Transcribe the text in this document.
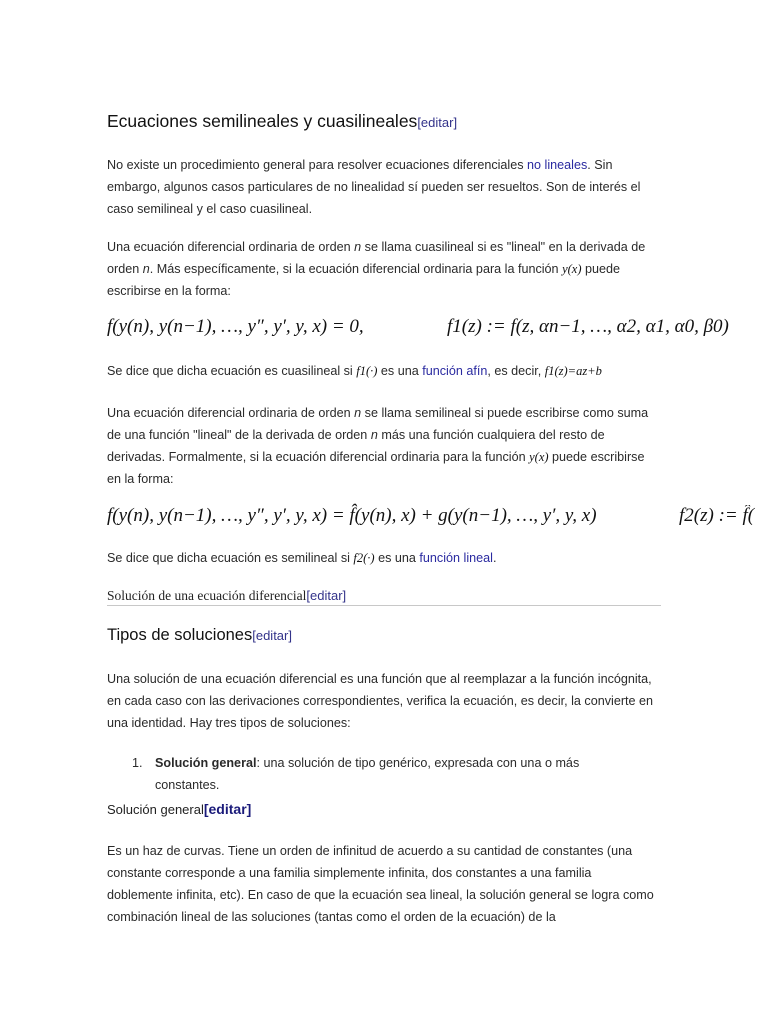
Ecuaciones semilineales y cuasilineales[editar]

No existe un procedimiento general para resolver ecuaciones diferenciales no lineales. Sin embargo, algunos casos particulares de no linealidad sí pueden ser resueltos. Son de interés el caso semilineal y el caso cuasilineal.

Una ecuación diferencial ordinaria de orden n se llama cuasilineal si es "lineal" en la derivada de orden n. Más específicamente, si la ecuación diferencial ordinaria para la función y(x) puede escribirse en la forma:

f(y(n), y(n−1), …, y″, y′, y, x) = 0,	f1(z) := f(z, αn−1, …, α2, α1, α0, β0)
Se dice que dicha ecuación es cuasilineal si f1(·) es una función afín, es decir, f1(z)=az+b

Una ecuación diferencial ordinaria de orden n se llama semilineal si puede escribirse como suma de una función "lineal" de la derivada de orden n más una función cualquiera del resto de derivadas. Formalmente, si la ecuación diferencial ordinaria para la función y(x) puede escribirse en la forma:

f(y(n), y(n−1), …, y″, y′, y, x) = f̂(y(n), x) + g(y(n−1), …, y′, y, x)	f2(z) := f̂(
Se dice que dicha ecuación es semilineal si f2(·) es una función lineal.
Solución de una ecuación diferencial[editar]
Tipos de soluciones[editar]

Una solución de una ecuación diferencial es una función que al reemplazar a la función incógnita, en cada caso con las derivaciones correspondientes, verifica la ecuación, es decir, la convierte en una identidad. Hay tres tipos de soluciones:

1. Solución general: una solución de tipo genérico, expresada con una o más constantes.
Solución general[editar]

Es un haz de curvas. Tiene un orden de infinitud de acuerdo a su cantidad de constantes (una constante corresponde a una familia simplemente infinita, dos constantes a una familia doblemente infinita, etc). En caso de que la ecuación sea lineal, la solución general se logra como combinación lineal de las soluciones (tantas como el orden de la ecuación) de la
